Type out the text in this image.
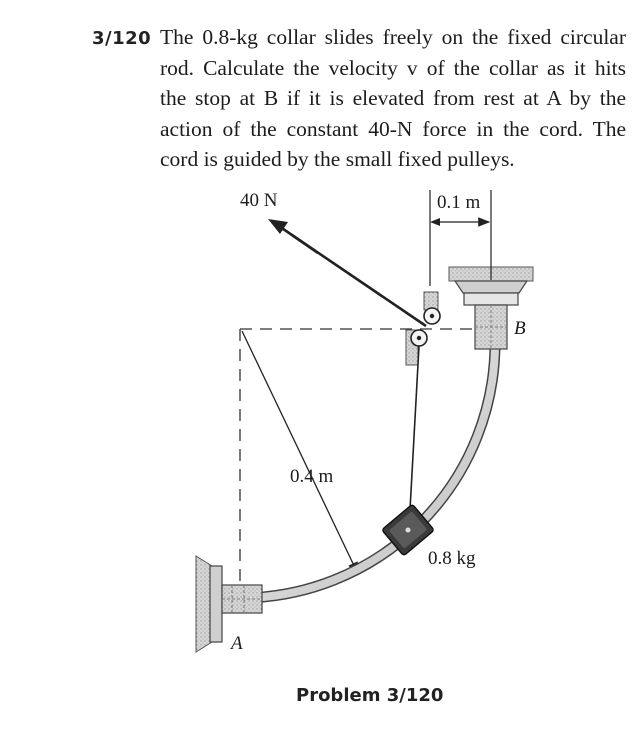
3/120 The 0.8-kg collar slides freely on the fixed circular
rod. Calculate the velocity v of the collar as it hits
the stop at B if it is elevated from rest at A by the
action of the constant 40-N force in the cord. The
cord is guided by the small fixed pulleys.
40 N	0.1 m
0.4 m
0.8 kg
A
B
Problem 3/120
